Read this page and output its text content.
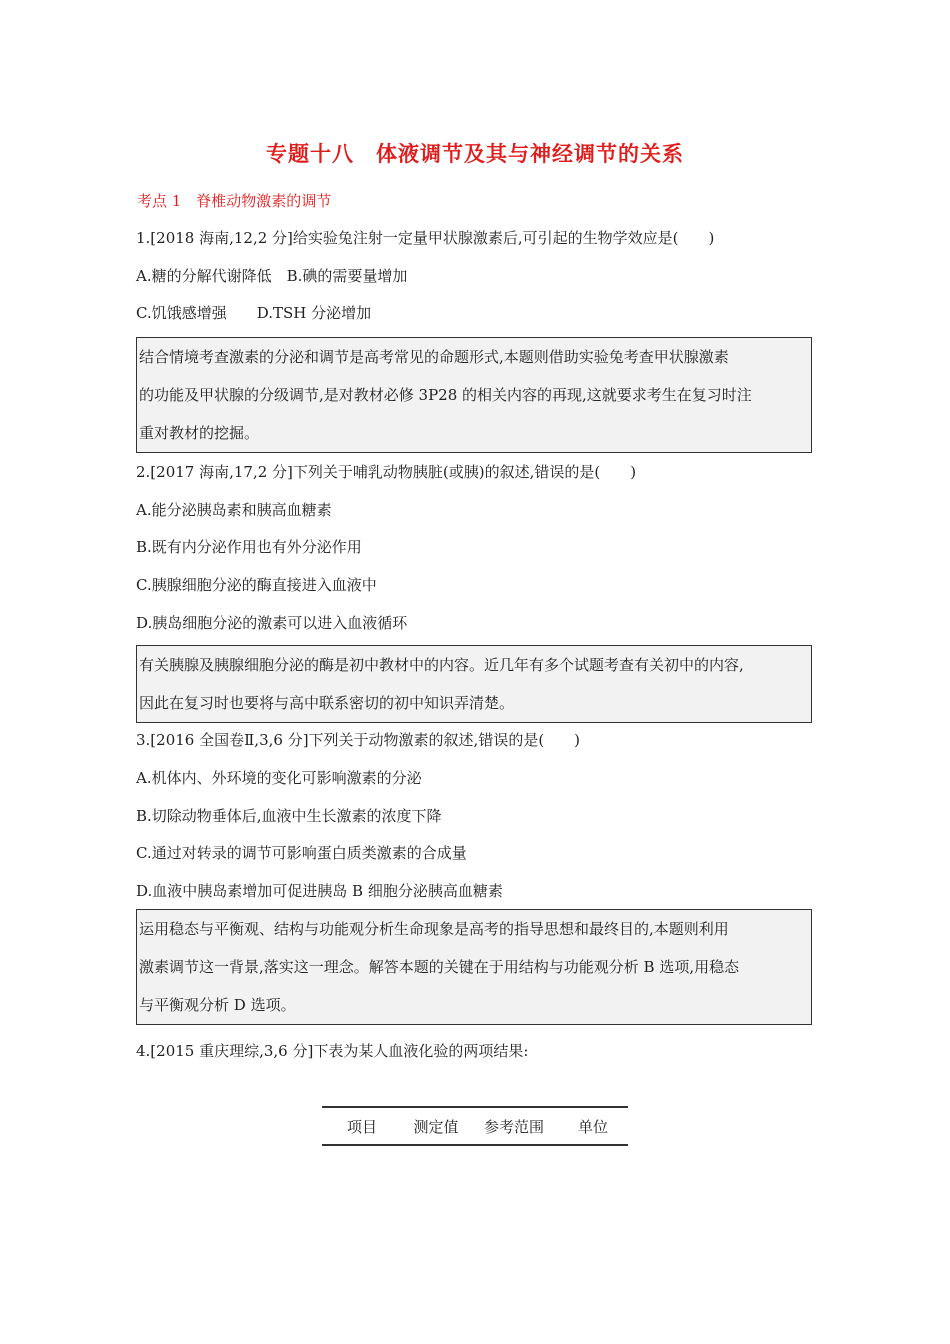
专题十八　体液调节及其与神经调节的关系
考点 1　脊椎动物激素的调节
1.[2018 海南,12,2 分]给实验兔注射一定量甲状腺激素后,可引起的生物学效应是(　　)
A.糖的分解代谢降低　B.碘的需要量增加
C.饥饿感增强　　D.TSH 分泌增加
结合情境考查激素的分泌和调节是高考常见的命题形式,本题则借助实验兔考查甲状腺激素
的功能及甲状腺的分级调节,是对教材必修 3P28 的相关内容的再现,这就要求考生在复习时注
重对教材的挖掘。
2.[2017 海南,17,2 分]下列关于哺乳动物胰脏(或胰)的叙述,错误的是(　　)
A.能分泌胰岛素和胰高血糖素
B.既有内分泌作用也有外分泌作用
C.胰腺细胞分泌的酶直接进入血液中
D.胰岛细胞分泌的激素可以进入血液循环
有关胰腺及胰腺细胞分泌的酶是初中教材中的内容。近几年有多个试题考查有关初中的内容,
因此在复习时也要将与高中联系密切的初中知识弄清楚。
3.[2016 全国卷Ⅱ,3,6 分]下列关于动物激素的叙述,错误的是(　　)
A.机体内、外环境的变化可影响激素的分泌
B.切除动物垂体后,血液中生长激素的浓度下降
C.通过对转录的调节可影响蛋白质类激素的合成量
D.血液中胰岛素增加可促进胰岛 B 细胞分泌胰高血糖素
运用稳态与平衡观、结构与功能观分析生命现象是高考的指导思想和最终目的,本题则利用
激素调节这一背景,落实这一理念。解答本题的关键在于用结构与功能观分析 B 选项,用稳态
与平衡观分析 D 选项。
4.[2015 重庆理综,3,6 分]下表为某人血液化验的两项结果:
项目	测定值	参考范围	单位
